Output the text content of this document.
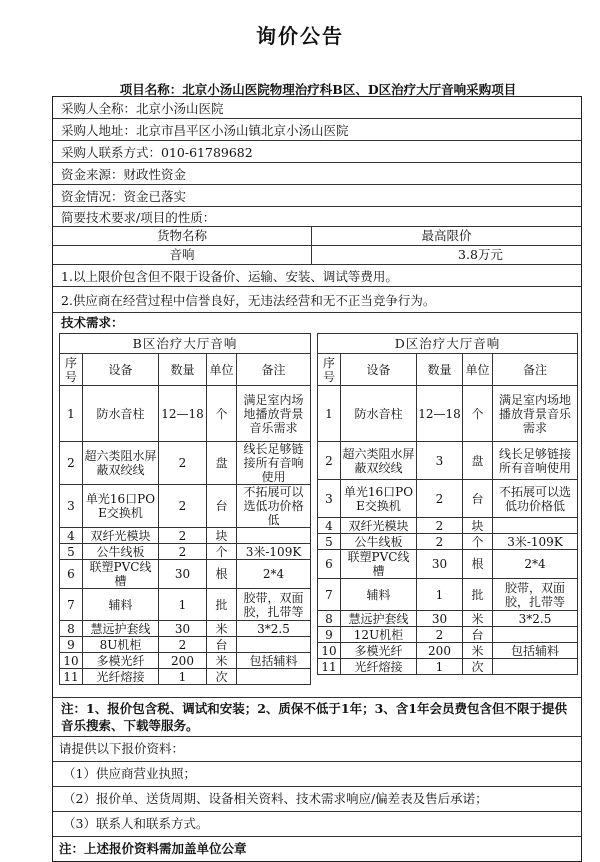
询价公告
项目名称：北京小汤山医院物理治疗科B区、D区治疗大厅音响采购项目
采购人全称：北京小汤山医院
采购人地址：北京市昌平区小汤山镇北京小汤山医院
采购人联系方式：010-61789682
资金来源：财政性资金
资金情况：资金已落实
简要技术要求/项目的性质：
货物名称	最高限价
音响	3.8万元
1.以上限价包含但不限于设备价、运输、安装、调试等费用。
2.供应商在经营过程中信誉良好，无违法经营和无不正当竞争行为。
技术需求：
B区治疗大厅音响				
序号	设备	数量	单位	备注
1	防水音柱	12—18	个	满足室内场地播放背景音乐需求
2	超六类阻水屏蔽双绞线	2	盘	线长足够链接所有音响使用
3	单光16口POE交换机	2	台	不拓展可以选低功价格低
4	双纤光模块	2	块	
5	公牛线板	2	个	3米-109K
6	联塑PVC线槽	30	根	2*4
7	辅料	1	批	胶带，双面胶，扎带等
8	慧远护套线	30	米	3*2.5
9	8U机柜	2	台	
10	多模光纤	200	米	包括辅料
11	光纤熔接	1	次	
D区治疗大厅音响				
序号	设备	数量	单位	备注
1	防水音柱	12—18	个	满足室内场地播放背景音乐需求
2	超六类阻水屏蔽双绞线	3	盘	线长足够链接所有音响使用
3	单光16口POE交换机	2	台	不拓展可以选低功价格低
4	双纤光模块	2	块	
5	公牛线板	2	个	3米-109K
6	联塑PVC线槽	30	根	2*4
7	辅料	1	批	胶带，双面胶，扎带等
8	慧远护套线	30	米	3*2.5
9	12U机柜	2	台	
10	多模光纤	200	米	包括辅料
11	光纤熔接	1	次	
注：1、报价包含税、调试和安装；2、质保不低于1年；3、含1年会员费包含但不限于提供音乐搜索、下载等服务。
请提供以下报价资料：
（1）供应商营业执照；
（2）报价单、送货周期、设备相关资料、技术需求响应/偏差表及售后承诺；
（3）联系人和联系方式。
注：上述报价资料需加盖单位公章
